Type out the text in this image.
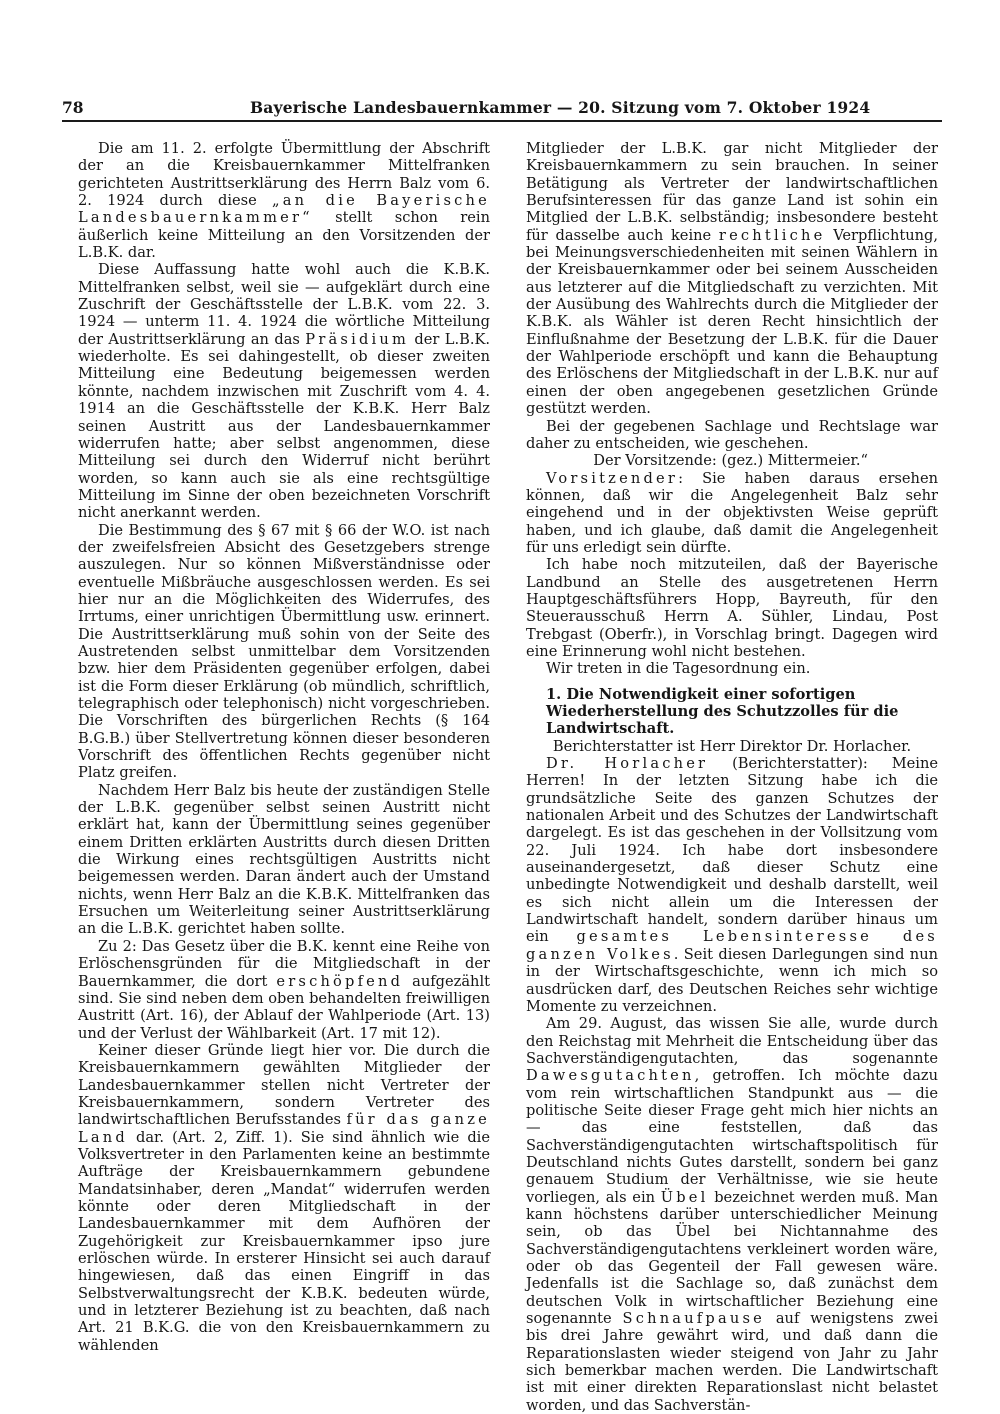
78	Bayerische Landesbauernkammer — 20. Sitzung vom 7. Oktober 1924

Die am 11. 2. erfolgte Übermittlung der Abschrift der an die Kreisbauernkammer Mittelfranken gerichteten Austrittserklärung des Herrn Balz vom 6. 2. 1924 durch diese „an die Bayerische Landesbauernkammer“ stellt schon rein äußerlich keine Mitteilung an den Vorsitzenden der L.B.K. dar.

Diese Auffassung hatte wohl auch die K.B.K. Mittelfranken selbst, weil sie — aufgeklärt durch eine Zuschrift der Geschäftsstelle der L.B.K. vom 22. 3. 1924 — unterm 11. 4. 1924 die wörtliche Mitteilung der Austrittserklärung an das Präsidium der L.B.K. wiederholte. Es sei dahingestellt, ob dieser zweiten Mitteilung eine Bedeutung beigemessen werden könnte, nachdem inzwischen mit Zuschrift vom 4. 4. 1914 an die Geschäftsstelle der K.B.K. Herr Balz seinen Austritt aus der Landesbauernkammer widerrufen hatte; aber selbst angenommen, diese Mitteilung sei durch den Widerruf nicht berührt worden, so kann auch sie als eine rechtsgültige Mitteilung im Sinne der oben bezeichneten Vorschrift nicht anerkannt werden.

Die Bestimmung des § 67 mit § 66 der W.O. ist nach der zweifelsfreien Absicht des Gesetzgebers strenge auszulegen. Nur so können Mißverständnisse oder eventuelle Mißbräuche ausgeschlossen werden. Es sei hier nur an die Möglichkeiten des Widerrufes, des Irrtums, einer unrichtigen Übermittlung usw. erinnert. Die Austrittserklärung muß sohin von der Seite des Austretenden selbst unmittelbar dem Vorsitzenden bzw. hier dem Präsidenten gegenüber erfolgen, dabei ist die Form dieser Erklärung (ob mündlich, schriftlich, telegraphisch oder telephonisch) nicht vorgeschrieben. Die Vorschriften des bürgerlichen Rechts (§ 164 B.G.B.) über Stellvertretung können dieser besonderen Vorschrift des öffentlichen Rechts gegenüber nicht Platz greifen.

Nachdem Herr Balz bis heute der zuständigen Stelle der L.B.K. gegenüber selbst seinen Austritt nicht erklärt hat, kann der Übermittlung seines gegenüber einem Dritten erklärten Austritts durch diesen Dritten die Wirkung eines rechtsgültigen Austritts nicht beigemessen werden. Daran ändert auch der Umstand nichts, wenn Herr Balz an die K.B.K. Mittelfranken das Ersuchen um Weiterleitung seiner Austrittserklärung an die L.B.K. gerichtet haben sollte.

Zu 2: Das Gesetz über die B.K. kennt eine Reihe von Erlöschensgründen für die Mitgliedschaft in der Bauernkammer, die dort erschöpfend aufgezählt sind. Sie sind neben dem oben behandelten freiwilligen Austritt (Art. 16), der Ablauf der Wahlperiode (Art. 13) und der Verlust der Wählbarkeit (Art. 17 mit 12).

Keiner dieser Gründe liegt hier vor. Die durch die Kreisbauernkammern gewählten Mitglieder der Landesbauernkammer stellen nicht Vertreter der Kreisbauernkammern, sondern Vertreter des landwirtschaftlichen Berufsstandes für das ganze Land dar. (Art. 2, Ziff. 1). Sie sind ähnlich wie die Volksvertreter in den Parlamenten keine an bestimmte Aufträge der Kreisbauernkammern gebundene Mandatsinhaber, deren „Mandat“ widerrufen werden könnte oder deren Mitgliedschaft in der Landesbauernkammer mit dem Aufhören der Zugehörigkeit zur Kreisbauernkammer ipso jure erlöschen würde. In ersterer Hinsicht sei auch darauf hingewiesen, daß das einen Eingriff in das Selbstverwaltungsrecht der K.B.K. bedeuten würde, und in letzterer Beziehung ist zu beachten, daß nach Art. 21 B.K.G. die von den Kreisbauernkammern zu wählenden

Mitglieder der L.B.K. gar nicht Mitglieder der Kreisbauernkammern zu sein brauchen. In seiner Betätigung als Vertreter der landwirtschaftlichen Berufsinteressen für das ganze Land ist sohin ein Mitglied der L.B.K. selbständig; insbesondere besteht für dasselbe auch keine rechtliche Verpflichtung, bei Meinungsverschiedenheiten mit seinen Wählern in der Kreisbauernkammer oder bei seinem Ausscheiden aus letzterer auf die Mitgliedschaft zu verzichten. Mit der Ausübung des Wahlrechts durch die Mitglieder der K.B.K. als Wähler ist deren Recht hinsichtlich der Einflußnahme der Besetzung der L.B.K. für die Dauer der Wahlperiode erschöpft und kann die Behauptung des Erlöschens der Mitgliedschaft in der L.B.K. nur auf einen der oben angegebenen gesetzlichen Gründe gestützt werden.

Bei der gegebenen Sachlage und Rechtslage war daher zu entscheiden, wie geschehen.

Der Vorsitzende: (gez.) Mittermeier.“

Vorsitzender: Sie haben daraus ersehen können, daß wir die Angelegenheit Balz sehr eingehend und in der objektivsten Weise geprüft haben, und ich glaube, daß damit die Angelegenheit für uns erledigt sein dürfte.

Ich habe noch mitzuteilen, daß der Bayerische Landbund an Stelle des ausgetretenen Herrn Hauptgeschäftsführers Hopp, Bayreuth, für den Steuerausschuß Herrn A. Sühler, Lindau, Post Trebgast (Oberfr.), in Vorschlag bringt. Dagegen wird eine Erinnerung wohl nicht bestehen.

Wir treten in die Tagesordnung ein.

1. Die Notwendigkeit einer sofortigen Wiederherstellung des Schutzzolles für die Landwirtschaft.

Berichterstatter ist Herr Direktor Dr. Horlacher.

Dr. Horlacher (Berichterstatter): Meine Herren! In der letzten Sitzung habe ich die grundsätzliche Seite des ganzen Schutzes der nationalen Arbeit und des Schutzes der Landwirtschaft dargelegt. Es ist das geschehen in der Vollsitzung vom 22. Juli 1924. Ich habe dort insbesondere auseinandergesetzt, daß dieser Schutz eine unbedingte Notwendigkeit und deshalb darstellt, weil es sich nicht allein um die Interessen der Landwirtschaft handelt, sondern darüber hinaus um ein gesamtes Lebensinteresse des ganzen Volkes. Seit diesen Darlegungen sind nun in der Wirtschaftsgeschichte, wenn ich mich so ausdrücken darf, des Deutschen Reiches sehr wichtige Momente zu verzeichnen.

Am 29. August, das wissen Sie alle, wurde durch den Reichstag mit Mehrheit die Entscheidung über das Sachverständigengutachten, das sogenannte Dawesgutachten, getroffen. Ich möchte dazu vom rein wirtschaftlichen Standpunkt aus — die politische Seite dieser Frage geht mich hier nichts an — das eine feststellen, daß das Sachverständigengutachten wirtschaftspolitisch für Deutschland nichts Gutes darstellt, sondern bei ganz genauem Studium der Verhältnisse, wie sie heute vorliegen, als ein Übel bezeichnet werden muß. Man kann höchstens darüber unterschiedlicher Meinung sein, ob das Übel bei Nichtannahme des Sachverständigengutachtens verkleinert worden wäre, oder ob das Gegenteil der Fall gewesen wäre. Jedenfalls ist die Sachlage so, daß zunächst dem deutschen Volk in wirtschaftlicher Beziehung eine sogenannte Schnaufpause auf wenigstens zwei bis drei Jahre gewährt wird, und daß dann die Reparationslasten wieder steigend von Jahr zu Jahr sich bemerkbar machen werden. Die Landwirtschaft ist mit einer direkten Reparationslast nicht belastet worden, und das Sachverstän-
